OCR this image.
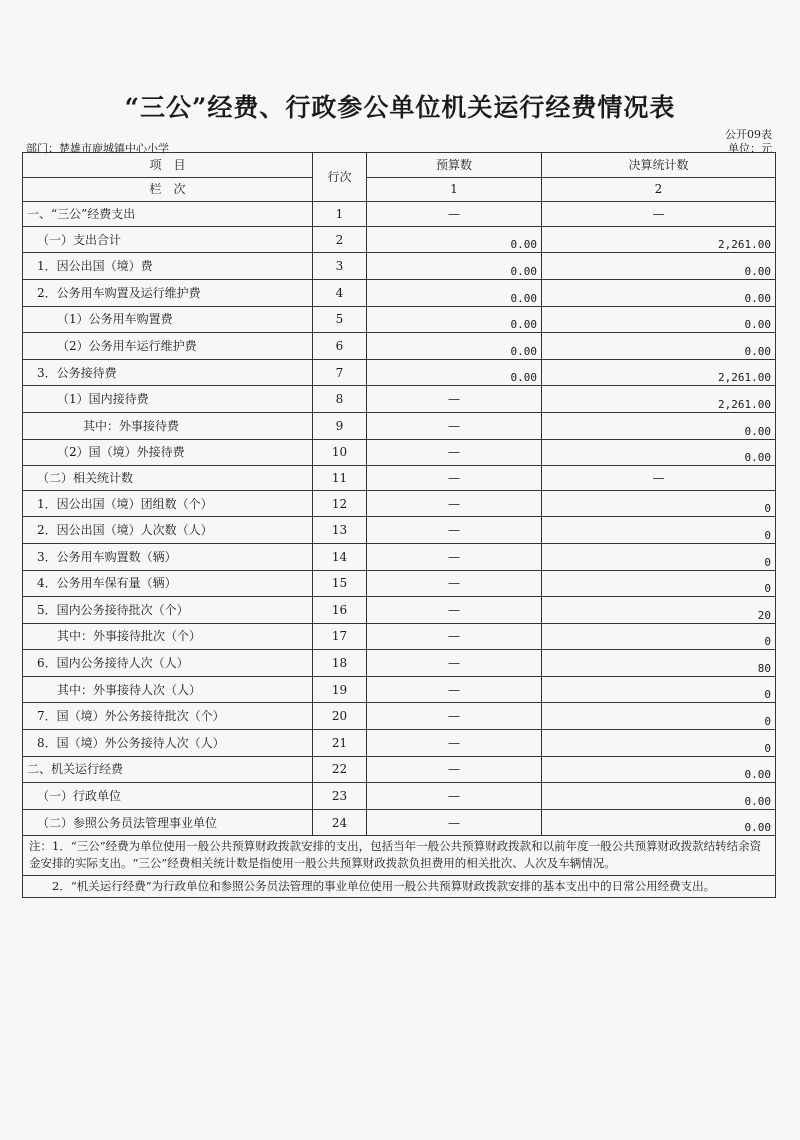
“三公”经费、行政参公单位机关运行经费情况表
公开09表
部门：楚雄市鹿城镇中心小学	单位：元
项　目	行次	预算数	决算统计数
栏　次		1	2
一、“三公”经费支出	1	—	—
（一）支出合计	2	0.00	2,261.00
1．因公出国（境）费	3	0.00	0.00
2．公务用车购置及运行维护费	4	0.00	0.00
（1）公务用车购置费	5	0.00	0.00
（2）公务用车运行维护费	6	0.00	0.00
3．公务接待费	7	0.00	2,261.00
（1）国内接待费	8	—	2,261.00
其中：外事接待费	9	—	0.00
（2）国（境）外接待费	10	—	0.00
（二）相关统计数	11	—	—
1．因公出国（境）团组数（个）	12	—	0
2．因公出国（境）人次数（人）	13	—	0
3．公务用车购置数（辆）	14	—	0
4．公务用车保有量（辆）	15	—	0
5．国内公务接待批次（个）	16	—	20
其中：外事接待批次（个）	17	—	0
6．国内公务接待人次（人）	18	—	80
其中：外事接待人次（人）	19	—	0
7．国（境）外公务接待批次（个）	20	—	0
8．国（境）外公务接待人次（人）	21	—	0
二、机关运行经费	22	—	0.00
（一）行政单位	23	—	0.00
（二）参照公务员法管理事业单位	24	—	0.00
注：1．“三公”经费为单位使用一般公共预算财政拨款安排的支出，包括当年一般公共预算财政拨款和以前年度一般公共预算财政拨款结转结余资金安排的实际支出。“三公”经费相关统计数是指使用一般公共预算财政拨款负担费用的相关批次、人次及车辆情况。			
　　2．“机关运行经费”为行政单位和参照公务员法管理的事业单位使用一般公共预算财政拨款安排的基本支出中的日常公用经费支出。			
